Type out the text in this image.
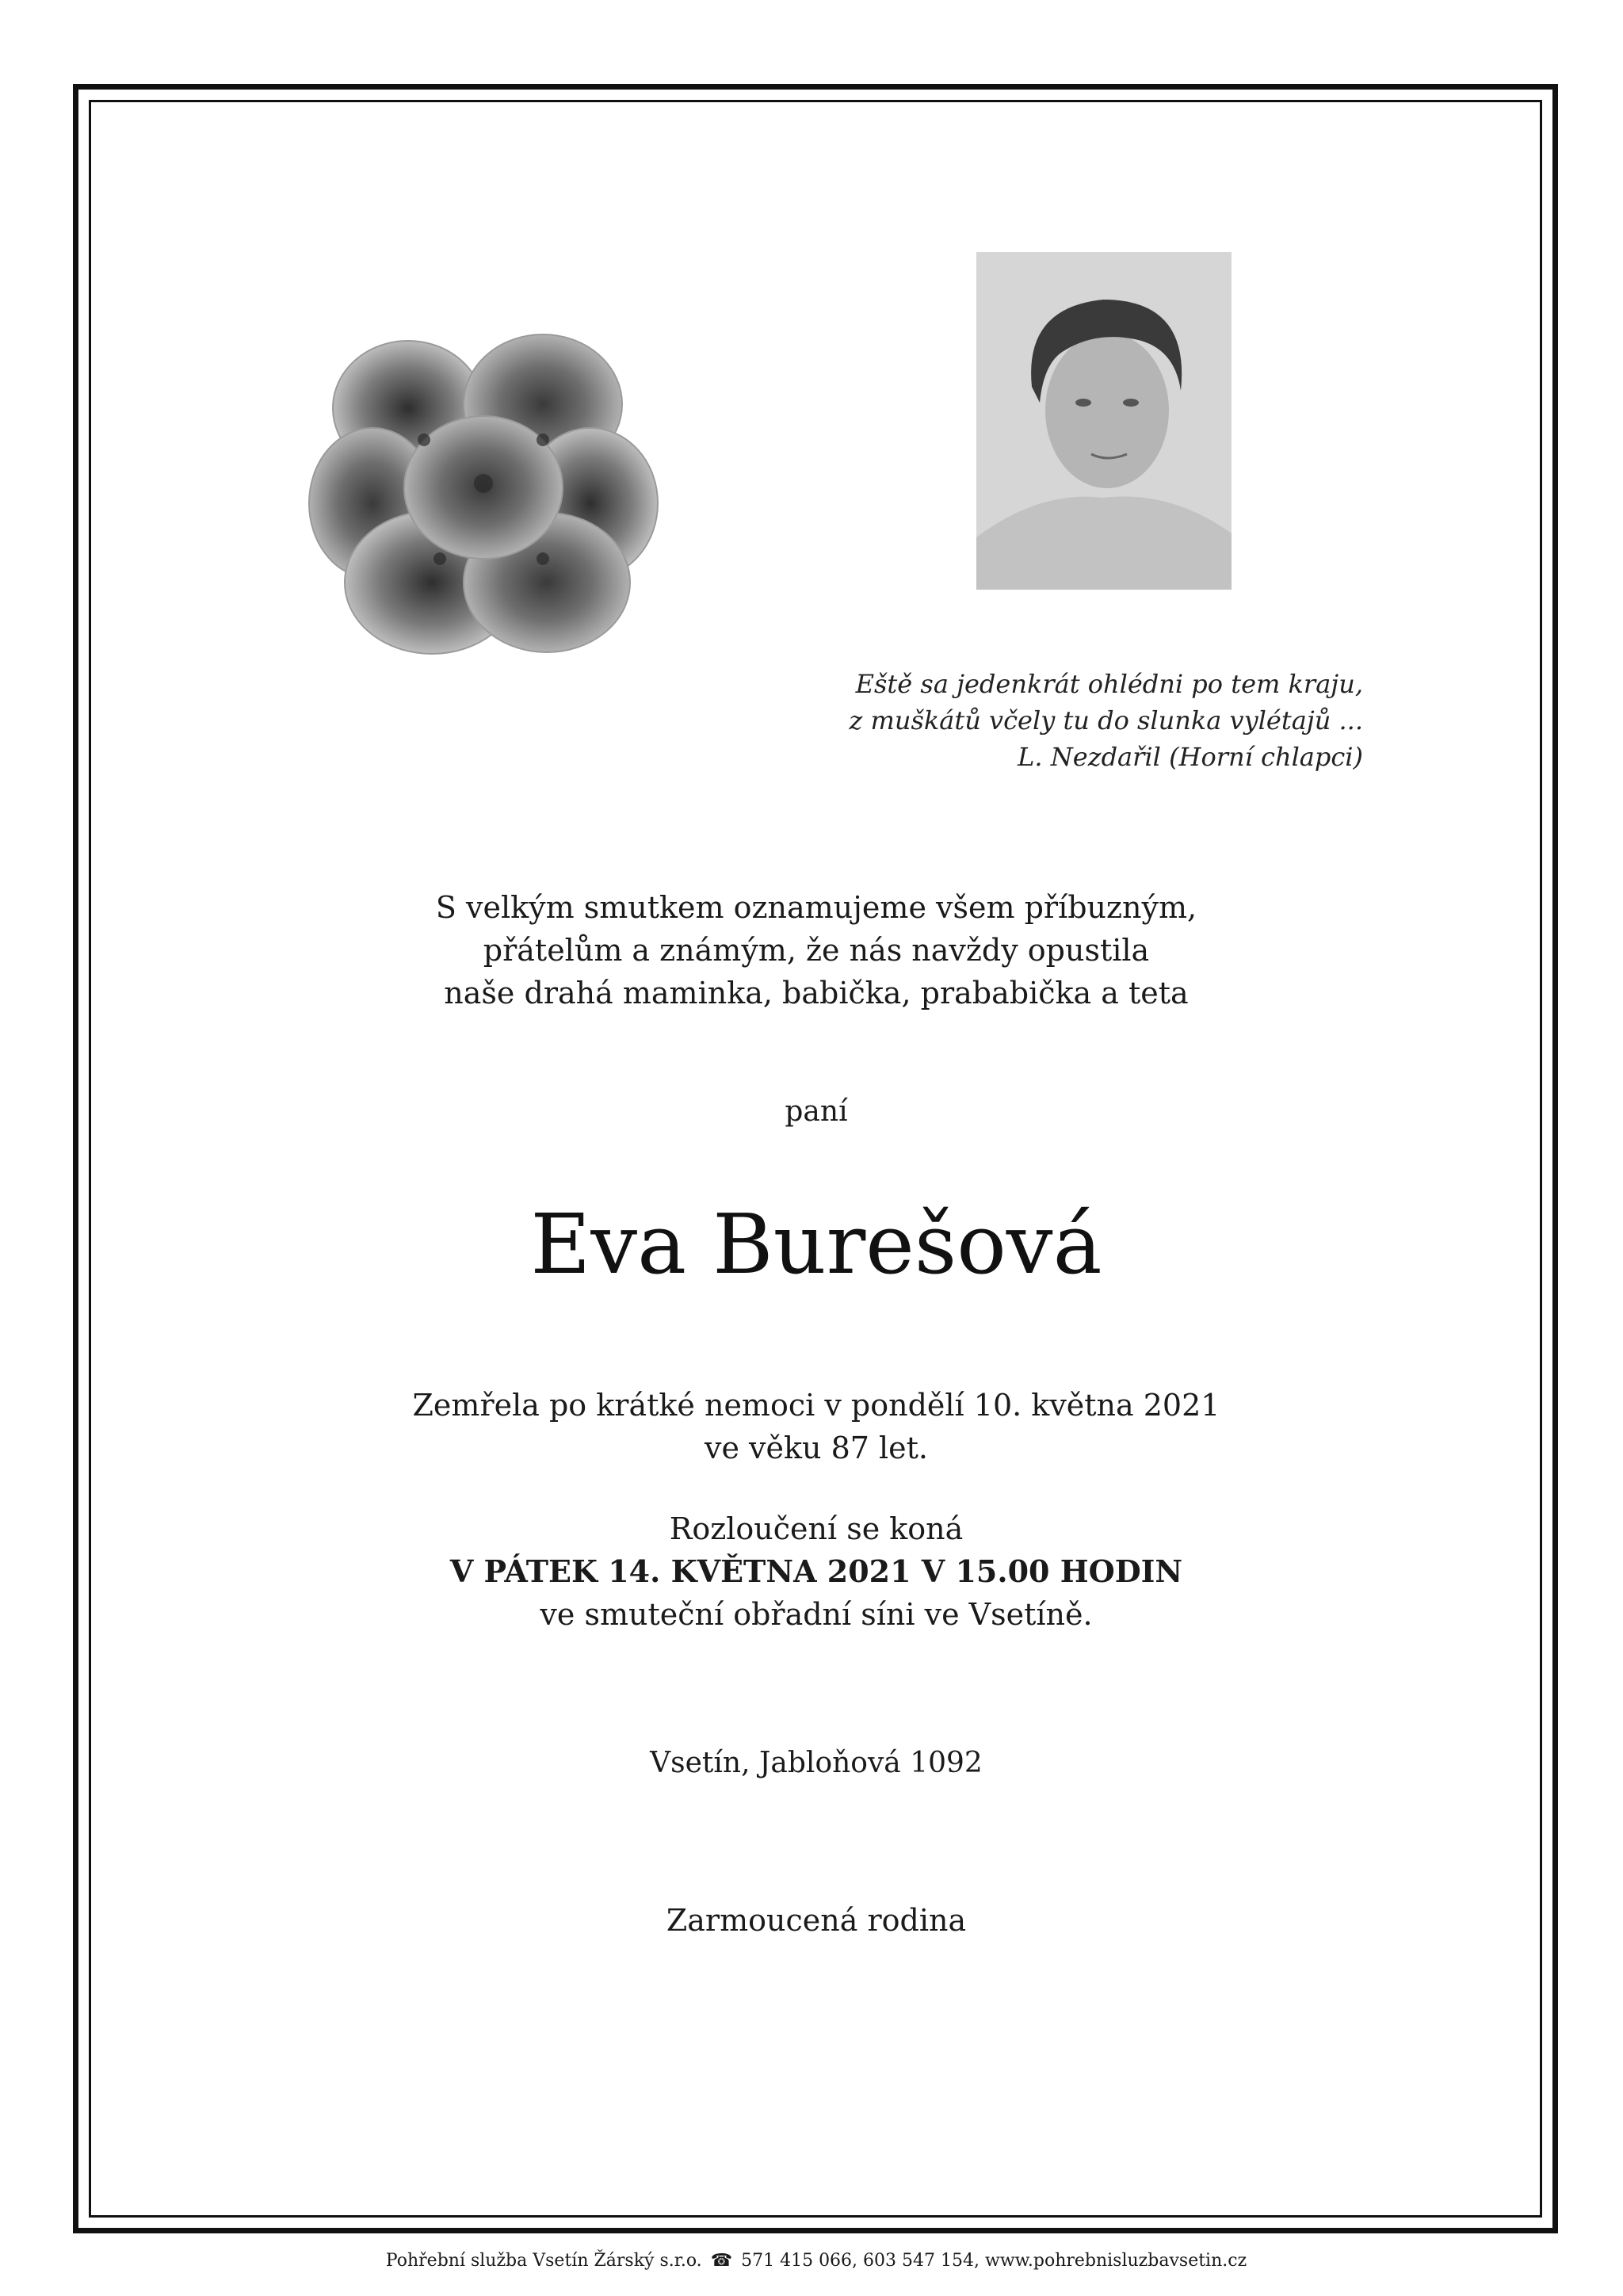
Eště sa jedenkrát ohlédni po tem kraju,
z muškátů včely tu do slunka vylétajů ...
L. Nezdařil (Horní chlapci)
S velkým smutkem oznamujeme všem příbuzným,
přátelům a známým, že nás navždy opustila
naše drahá maminka, babička, prababička a teta
paní
Eva Burešová
Zemřela po krátké nemoci v pondělí 10. května 2021
ve věku 87 let.
Rozloučení se koná
V PÁTEK 14. KVĚTNA 2021 V 15.00 HODIN
ve smuteční obřadní síni ve Vsetíně.
Vsetín, Jabloňová 1092
Zarmoucená rodina
Pohřební služba Vsetín Žárský s.r.o. ☎ 571 415 066, 603 547 154, www.pohrebnisluzbavsetin.cz
